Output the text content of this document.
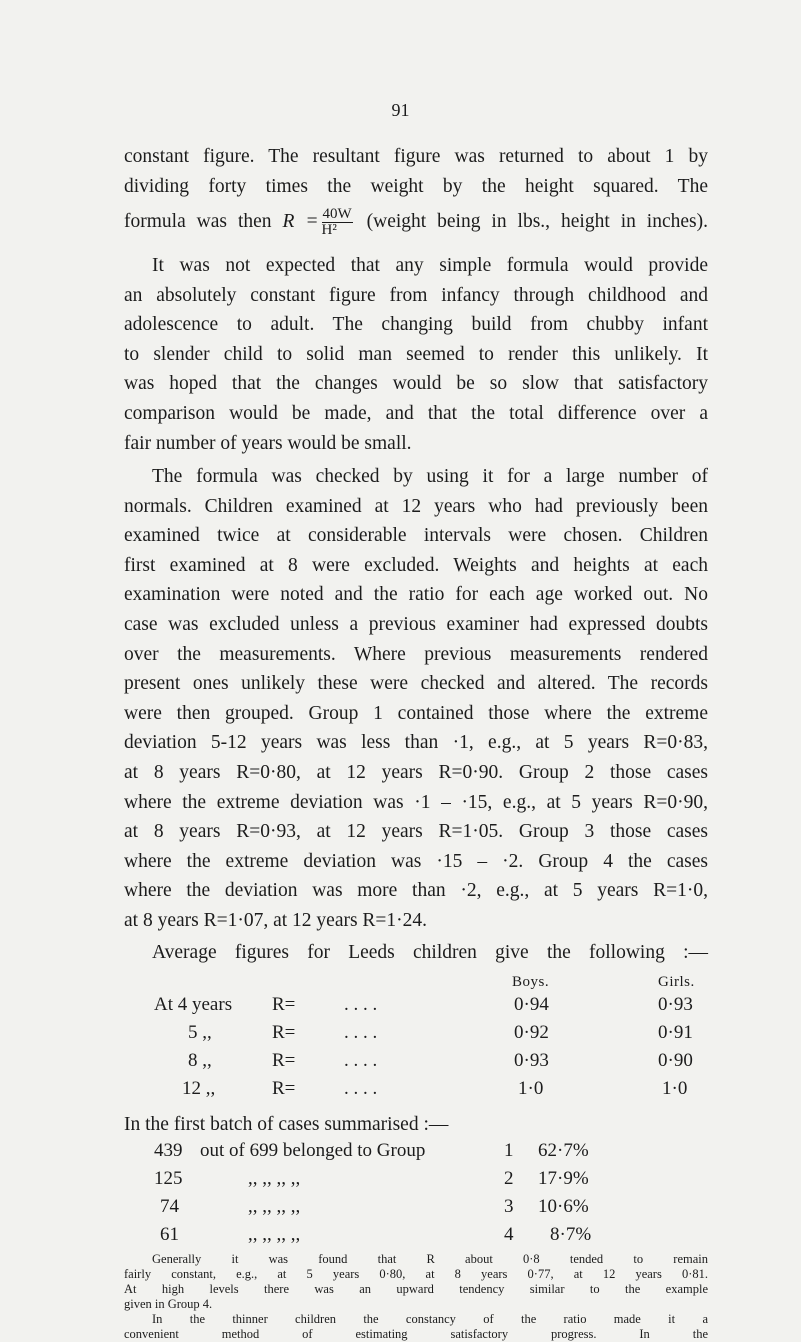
91
constant figure. The resultant figure was returned to about 1 by
dividing forty times the weight by the height squared. The
formula was then $R = \frac{40W}{\text{H²}}$ (weight being in lbs., height in inches).
It was not expected that any simple formula would provide
an absolutely constant figure from infancy through childhood and
adolescence to adult. The changing build from chubby infant
to slender child to solid man seemed to render this unlikely. It
was hoped that the changes would be so slow that satisfactory
comparison would be made, and that the total difference over a
fair number of years would be small.
The formula was checked by using it for a large number of
normals. Children examined at 12 years who had previously been
examined twice at considerable intervals were chosen. Children
first examined at 8 were excluded. Weights and heights at each
examination were noted and the ratio for each age worked out. No
case was excluded unless a previous examiner had expressed doubts
over the measurements. Where previous measurements rendered
present ones unlikely these were checked and altered. The records
were then grouped. Group 1 contained those where the extreme
deviation 5-12 years was less than ·1, e.g., at 5 years R=0·83,
at 8 years R=0·80, at 12 years R=0·90. Group 2 those cases
where the extreme deviation was ·1 – ·15, e.g., at 5 years R=0·90,
at 8 years R=0·93, at 12 years R=1·05. Group 3 those cases
where the extreme deviation was ·15 – ·2. Group 4 the cases
where the deviation was more than ·2, e.g., at 5 years R=1·0,
at 8 years R=1·07, at 12 years R=1·24.
Average figures for Leeds children give the following :—
Boys.	Girls.
At 4 years R=	. . . .	0·94	0·93
5 ,,	R=	. . . .	0·92	0·91
8 ,,	R=	. . . .	0·93	0·90
12 ,,	R=	. . . .	1·0	1·0
In the first batch of cases summarised :—
439 out of 699 belonged to Group	1 62·7%
125	,, ,, ,, ,,	2 17·9%
74	,, ,, ,, ,,	3 10·6%
61	,, ,, ,, ,,	4 8·7%
Generally it was found that R about 0·8 tended to remain
fairly constant, e.g., at 5 years 0·80, at 8 years 0·77, at 12 years 0·81.
At high levels there was an upward tendency similar to the example
given in Group 4.
In the thinner children the constancy of the ratio made it a
convenient method of estimating satisfactory progress. In the
